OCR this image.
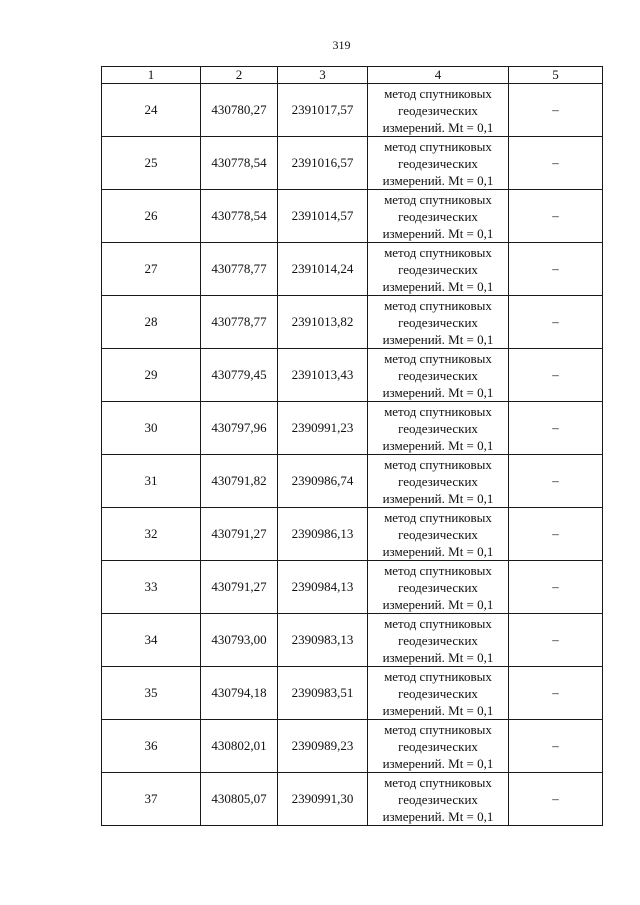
319
1	2	3	4	5
24	430780,27	2391017,57	метод спутниковых геодезических измерений. Mt = 0,1	–
25	430778,54	2391016,57	метод спутниковых геодезических измерений. Mt = 0,1	–
26	430778,54	2391014,57	метод спутниковых геодезических измерений. Mt = 0,1	–
27	430778,77	2391014,24	метод спутниковых геодезических измерений. Mt = 0,1	–
28	430778,77	2391013,82	метод спутниковых геодезических измерений. Mt = 0,1	–
29	430779,45	2391013,43	метод спутниковых геодезических измерений. Mt = 0,1	–
30	430797,96	2390991,23	метод спутниковых геодезических измерений. Mt = 0,1	–
31	430791,82	2390986,74	метод спутниковых геодезических измерений. Mt = 0,1	–
32	430791,27	2390986,13	метод спутниковых геодезических измерений. Mt = 0,1	–
33	430791,27	2390984,13	метод спутниковых геодезических измерений. Mt = 0,1	–
34	430793,00	2390983,13	метод спутниковых геодезических измерений. Mt = 0,1	–
35	430794,18	2390983,51	метод спутниковых геодезических измерений. Mt = 0,1	–
36	430802,01	2390989,23	метод спутниковых геодезических измерений. Mt = 0,1	–
37	430805,07	2390991,30	метод спутниковых геодезических измерений. Mt = 0,1	–
